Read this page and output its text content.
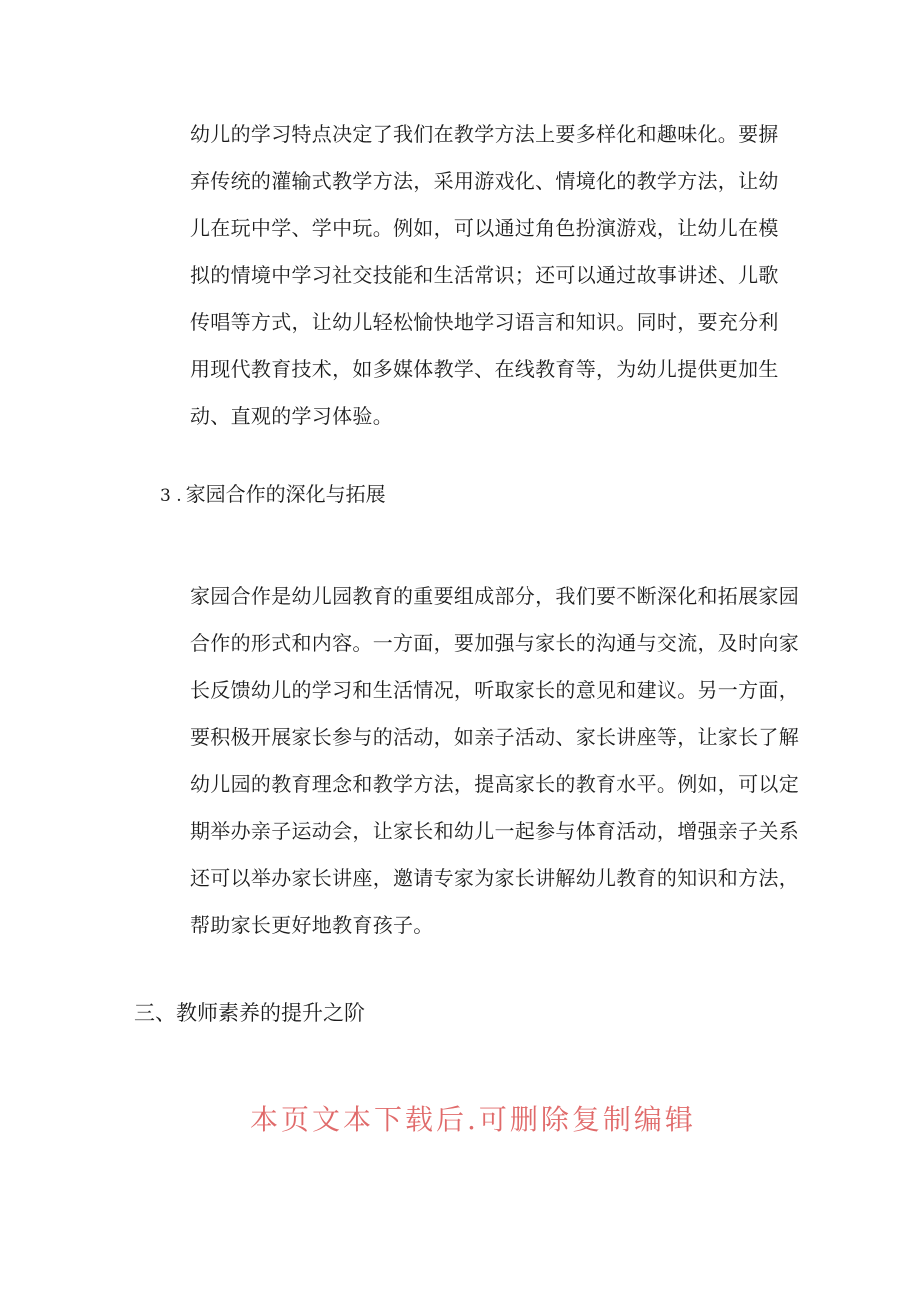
幼儿的学习特点决定了我们在教学方法上要多样化和趣味化。要摒
弃传统的灌输式教学方法，采用游戏化、情境化的教学方法，让幼
儿在玩中学、学中玩。例如，可以通过角色扮演游戏，让幼儿在模
拟的情境中学习社交技能和生活常识；还可以通过故事讲述、儿歌
传唱等方式，让幼儿轻松愉快地学习语言和知识。同时，要充分利
用现代教育技术，如多媒体教学、在线教育等，为幼儿提供更加生
动、直观的学习体验。
3 . 家园合作的深化与拓展
家园合作是幼儿园教育的重要组成部分，我们要不断深化和拓展家园
合作的形式和内容。一方面，要加强与家长的沟通与交流，及时向家
长反馈幼儿的学习和生活情况，听取家长的意见和建议。另一方面，
要积极开展家长参与的活动，如亲子活动、家长讲座等，让家长了解
幼儿园的教育理念和教学方法，提高家长的教育水平。例如，可以定
期举办亲子运动会，让家长和幼儿一起参与体育活动，增强亲子关系
还可以举办家长讲座，邀请专家为家长讲解幼儿教育的知识和方法，
帮助家长更好地教育孩子。
三、教师素养的提升之阶
本页文本下载后.可删除复制编辑
